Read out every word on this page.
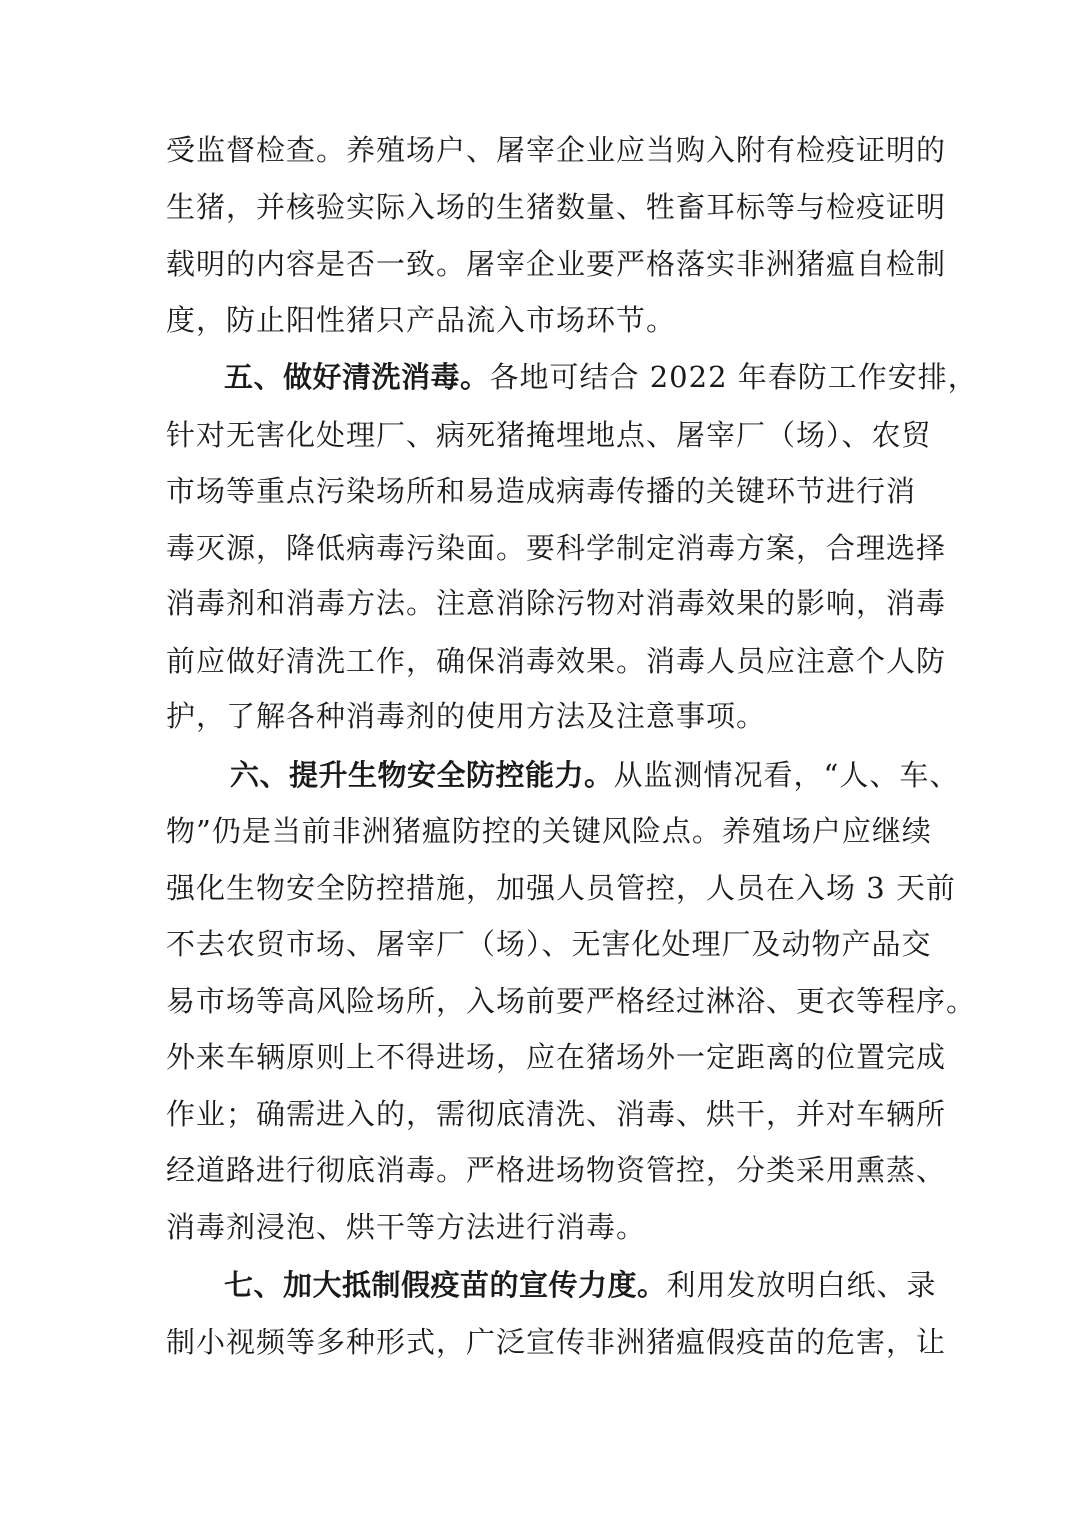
受监督检查。养殖场户、屠宰企业应当购入附有检疫证明的
生猪，并核验实际入场的生猪数量、牲畜耳标等与检疫证明
载明的内容是否一致。屠宰企业要严格落实非洲猪瘟自检制
度，防止阳性猪只产品流入市场环节。
五、做好清洗消毒。各地可结合 2022 年春防工作安排，
针对无害化处理厂、病死猪掩埋地点、屠宰厂（场）、农贸
市场等重点污染场所和易造成病毒传播的关键环节进行消
毒灭源，降低病毒污染面。要科学制定消毒方案，合理选择
消毒剂和消毒方法。注意消除污物对消毒效果的影响，消毒
前应做好清洗工作，确保消毒效果。消毒人员应注意个人防
护，了解各种消毒剂的使用方法及注意事项。
六、提升生物安全防控能力。从监测情况看，“人、车、
物”仍是当前非洲猪瘟防控的关键风险点。养殖场户应继续
强化生物安全防控措施，加强人员管控，人员在入场 3 天前
不去农贸市场、屠宰厂（场）、无害化处理厂及动物产品交
易市场等高风险场所，入场前要严格经过淋浴、更衣等程序。
外来车辆原则上不得进场，应在猪场外一定距离的位置完成
作业；确需进入的，需彻底清洗、消毒、烘干，并对车辆所
经道路进行彻底消毒。严格进场物资管控，分类采用熏蒸、
消毒剂浸泡、烘干等方法进行消毒。
七、加大抵制假疫苗的宣传力度。利用发放明白纸、录
制小视频等多种形式，广泛宣传非洲猪瘟假疫苗的危害，让
